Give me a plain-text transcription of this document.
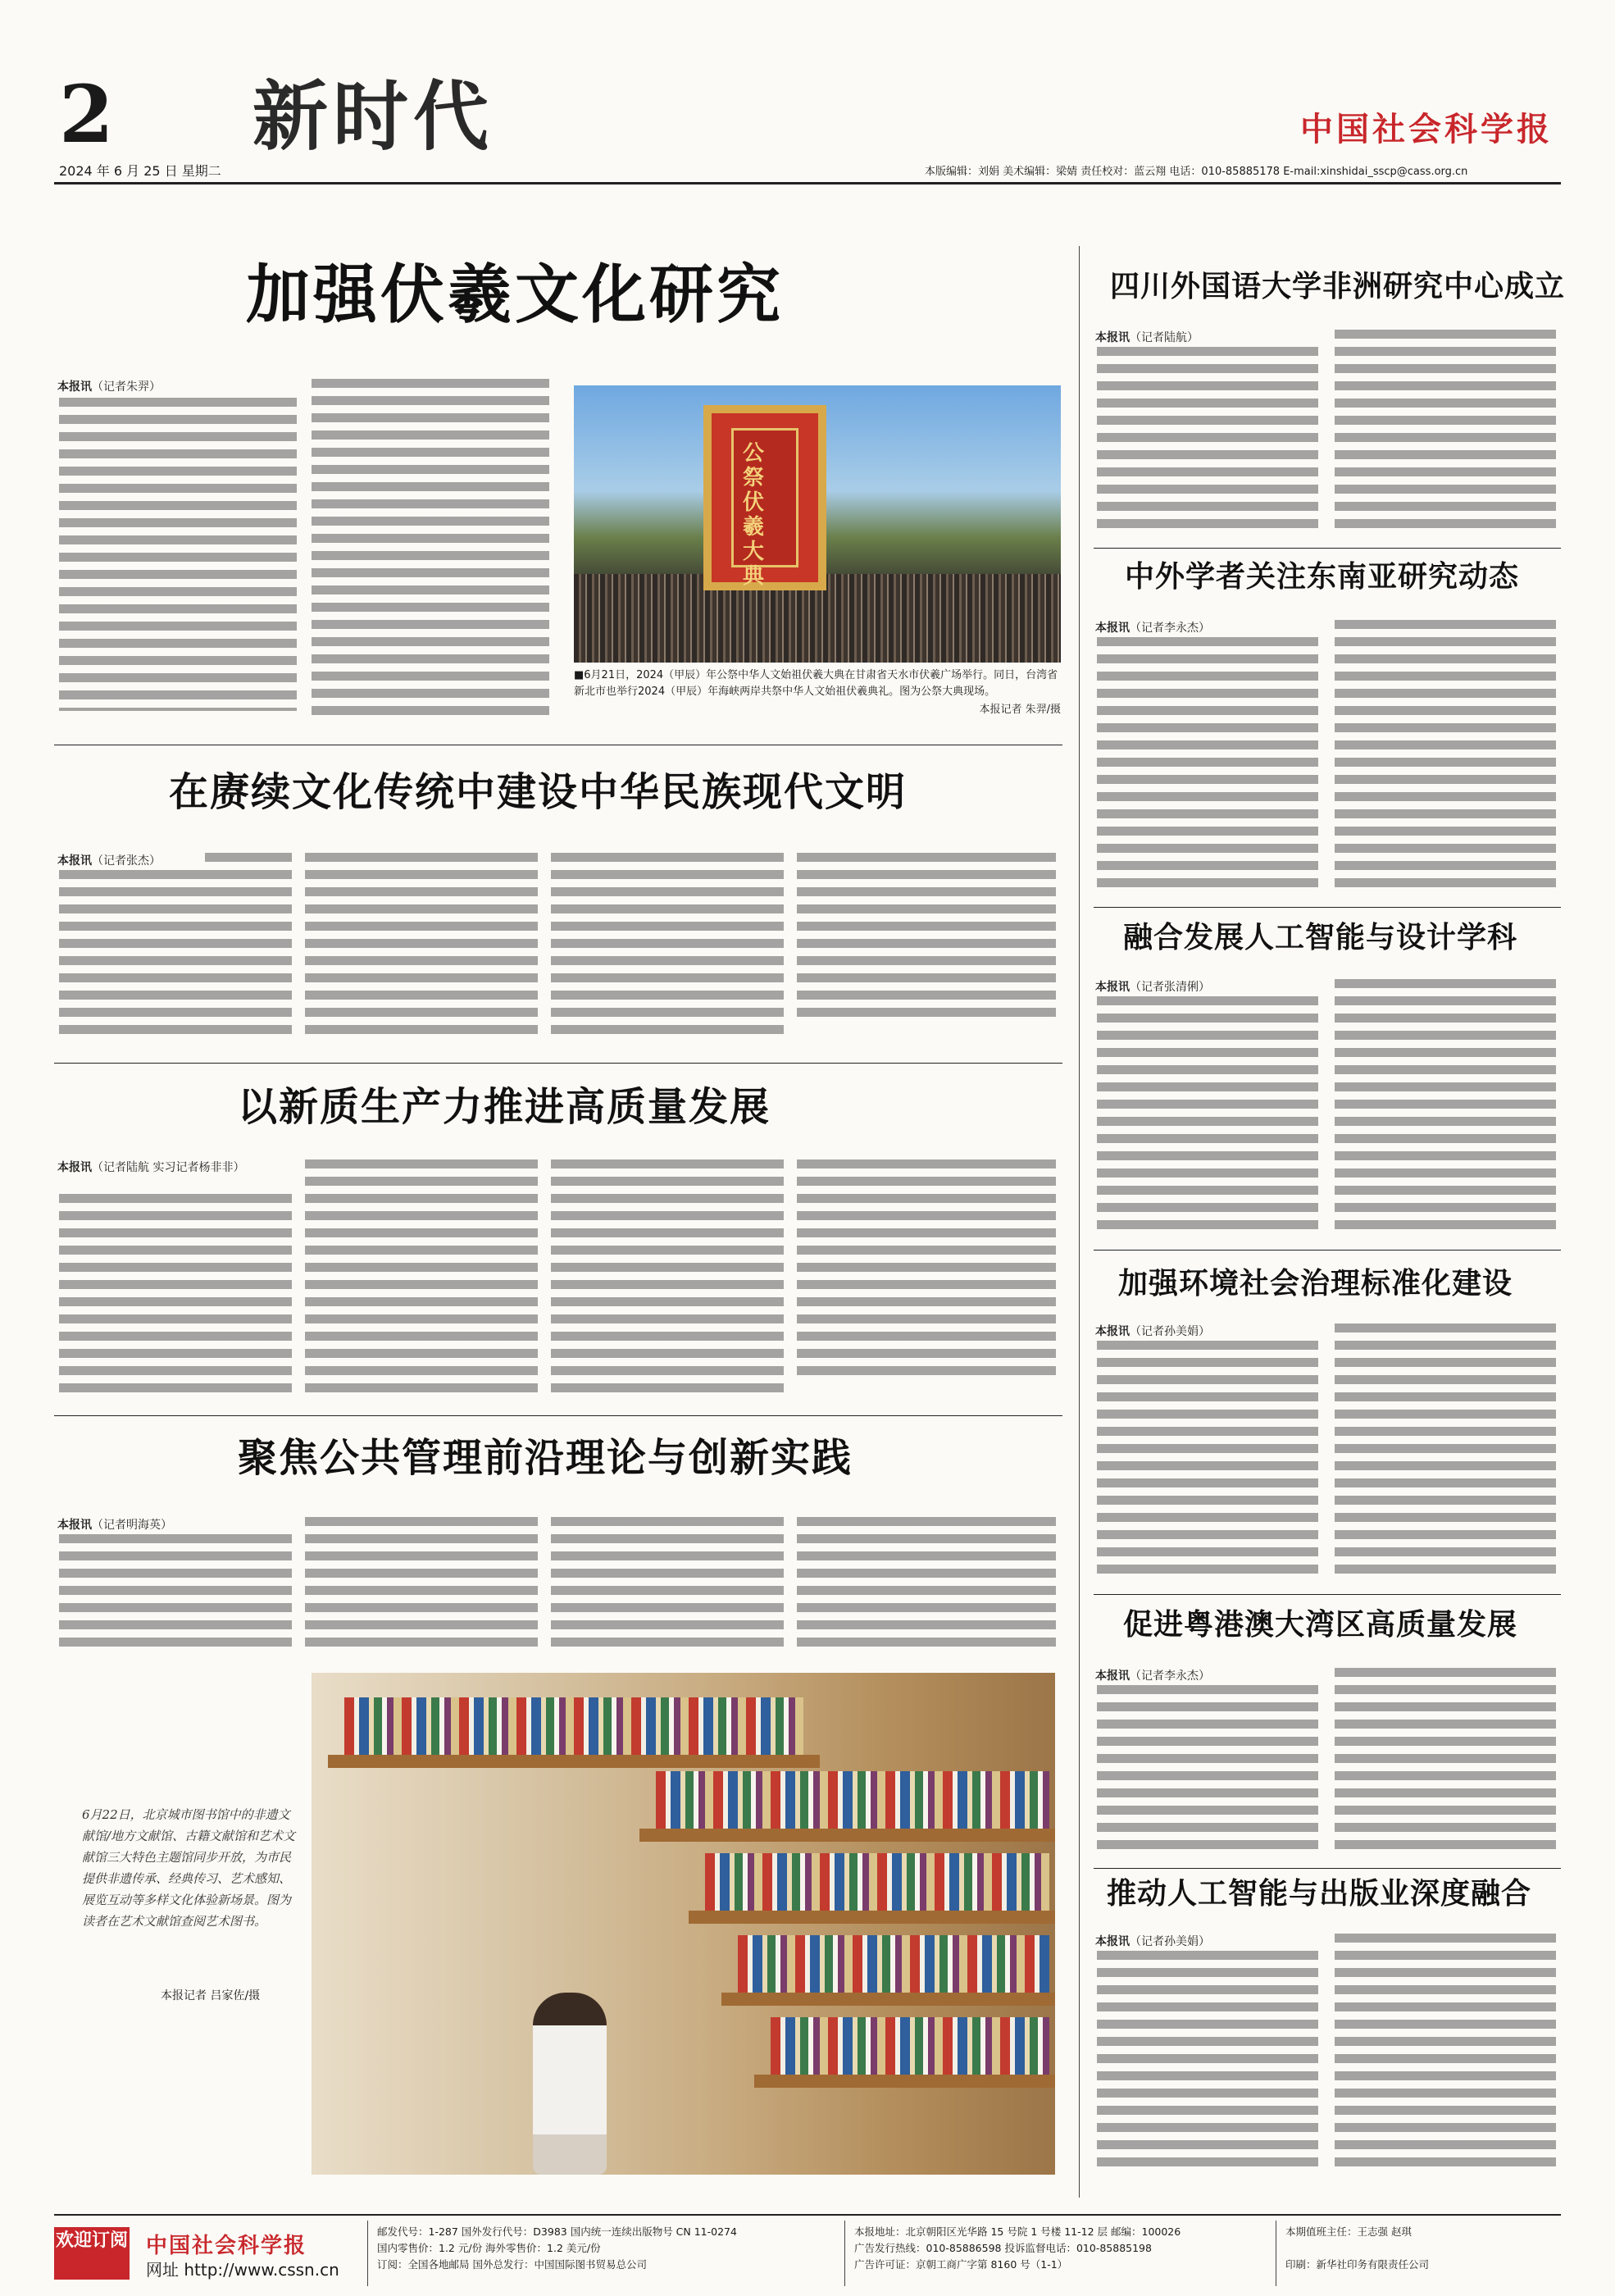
2 新时代
2024 年 6 月 25 日 星期二
中国社会科学报
本版编辑：刘娟 美术编辑：梁婧 责任校对：蓝云翔 电话：010-85885178 E-mail:xinshidai_sscp@cass.org.cn
加强伏羲文化研究
本报讯（记者朱羿）
公祭伏羲大典
■6月21日，2024（甲辰）年公祭中华人文始祖伏羲大典在甘肃省天水市伏羲广场举行。同日，台湾省新北市也举行2024（甲辰）年海峡两岸共祭中华人文始祖伏羲典礼。图为公祭大典现场。
本报记者 朱羿/摄
在赓续文化传统中建设中华民族现代文明
本报讯（记者张杰）
以新质生产力推进高质量发展
本报讯（记者陆航 实习记者杨非非）
聚焦公共管理前沿理论与创新实践
本报讯（记者明海英）
6月22日，北京城市图书馆中的非遗文献馆/地方文献馆、古籍文献馆和艺术文献馆三大特色主题馆同步开放，为市民提供非遗传承、经典传习、艺术感知、展览互动等多样文化体验新场景。图为读者在艺术文献馆查阅艺术图书。
本报记者 吕家佐/摄
四川外国语大学非洲研究中心成立
本报讯（记者陆航）
中外学者关注东南亚研究动态
本报讯（记者李永杰）
融合发展人工智能与设计学科
本报讯（记者张清俐）
加强环境社会治理标准化建设
本报讯（记者孙美娟）
促进粤港澳大湾区高质量发展
本报讯（记者李永杰）
推动人工智能与出版业深度融合
本报讯（记者孙美娟）
欢迎订阅 中国社会科学报
网址 http://www.cssn.cn
邮发代号：1-287 国外发行代号：D3983 国内统一连续出版物号 CN 11-0274
国内零售价：1.2 元/份 海外零售价：1.2 美元/份
订阅：全国各地邮局 国外总发行：中国国际图书贸易总公司
本报地址：北京朝阳区光华路 15 号院 1 号楼 11-12 层 邮编：100026
广告发行热线：010-85886598 投诉监督电话：010-85885198
广告许可证：京朝工商广字第 8160 号（1-1）
本期值班主任：王志强 赵琪
印刷：新华社印务有限责任公司
